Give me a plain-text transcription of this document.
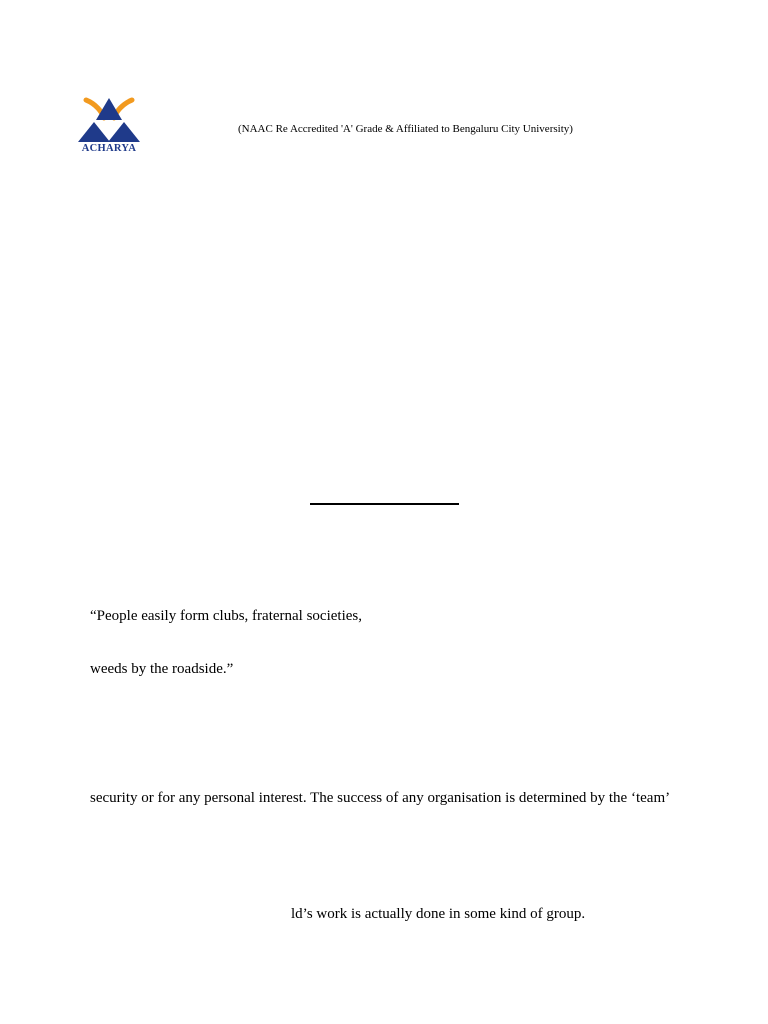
ACHARYA
(NAAC Re Accredited 'A' Grade & Affiliated to Bengaluru City University)
“People easily form clubs, fraternal societies,
weeds by the roadside.”
security or for any personal interest. The success of any organisation is determined by the ‘team’
ld’s work is actually done in some kind of group.
